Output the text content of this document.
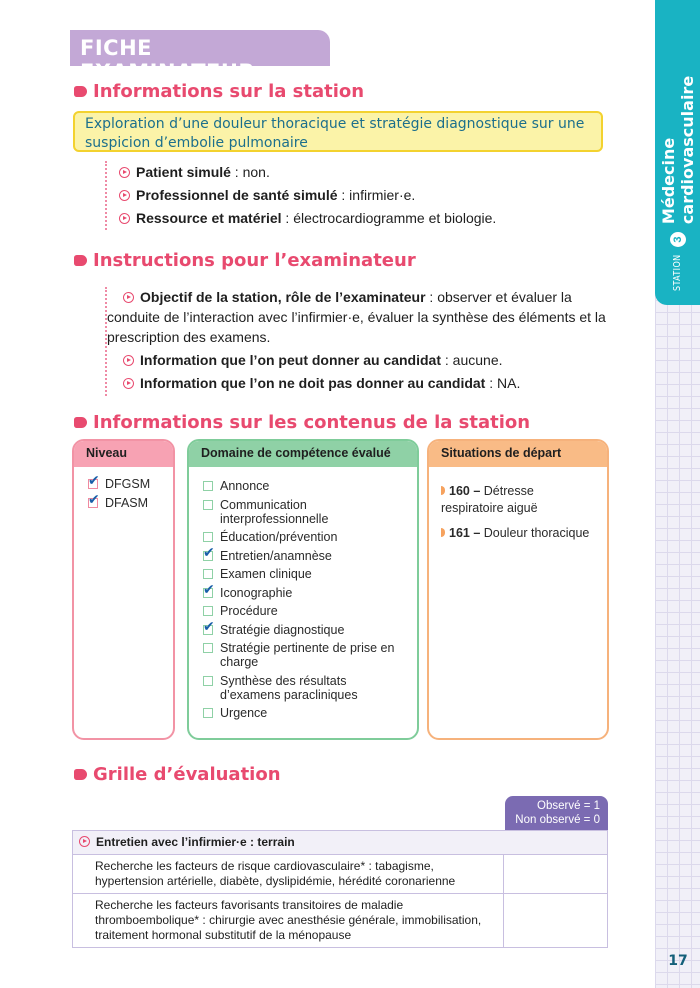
STATION
3
Médecine cardiovasculaire
17
FICHE EXAMINATEUR
Informations sur la station
Exploration d’une douleur thoracique et stratégie diagnostique sur une suspicion d’embolie pulmonaire
Patient simulé : non.
Professionnel de santé simulé : infirmier·e.
Ressource et matériel : électrocardiogramme et biologie.
Instructions pour l’examinateur
Objectif de la station, rôle de l’examinateur : observer et évaluer la conduite de l’interaction avec l’infirmier·e, évaluer la synthèse des éléments et la prescription des examens.
Information que l’on peut donner au candidat : aucune.
Information que l’on ne doit pas donner au candidat : NA.
Informations sur les contenus de la station
Niveau
✔
DFGSM
✔
DFASM
Domaine de compétence évalué
Annonce
Communication interprofessionnelle
Éducation/prévention
✔
Entretien/anamnèse
Examen clinique
✔
Iconographie
Procédure
✔
Stratégie diagnostique
Stratégie pertinente de prise en charge
Synthèse des résultats d’examens paracliniques
Urgence
Situations de départ
160 – Détresse respiratoire aiguë
161 – Douleur thoracique
Grille d’évaluation
Observé = 1
Non observé = 0
Entretien avec l’infirmier·e : terrain	
Recherche les facteurs de risque cardiovasculaire* : tabagisme, hypertension artérielle, diabète, dyslipidémie, hérédité coronarienne	
Recherche les facteurs favorisants transitoires de maladie thromboembolique* : chirurgie avec anesthésie générale, immobilisation, traitement hormonal substitutif de la ménopause	
